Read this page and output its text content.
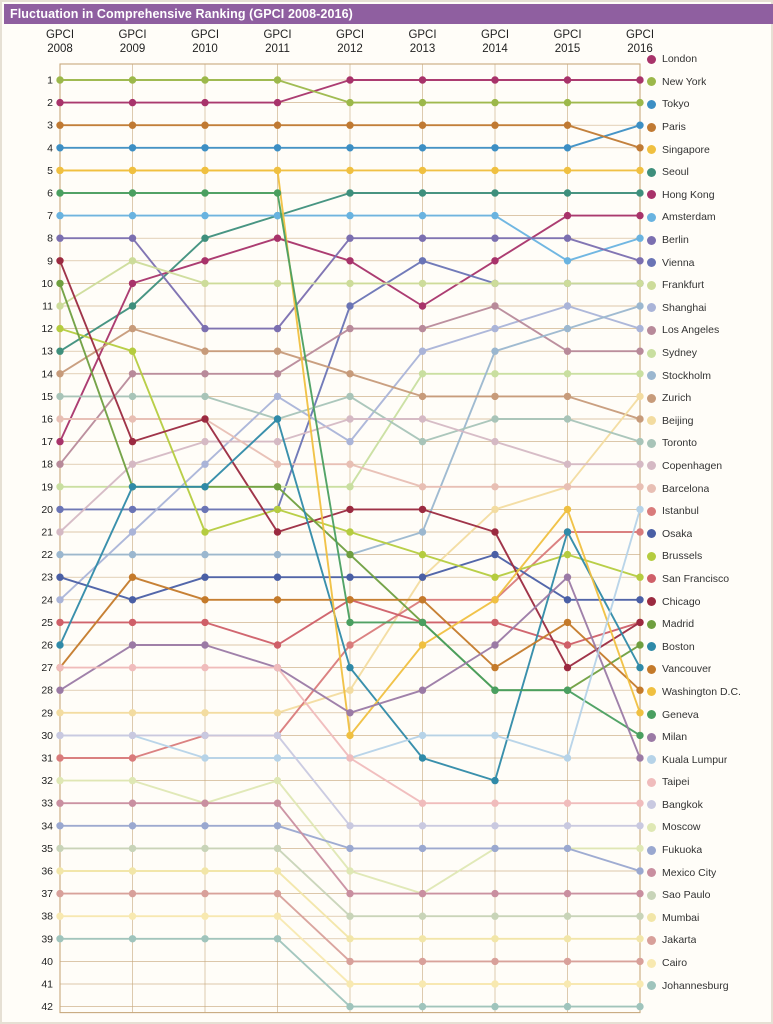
Fluctuation in Comprehensive Ranking (GPCI 2008-2016)
1
2
3
4
5
6
7
8
9
10
11
12
13
14
15
16
17
18
19
20
21
22
23
24
25
26
27
28
29
30
31
32
33
34
35
36
37
38
39
40
41
42
GPCI
2008
GPCI
2009
GPCI
2010
GPCI
2011
GPCI
2012
GPCI
2013
GPCI
2014
GPCI
2015
GPCI
2016
London
New York
Tokyo
Paris
Singapore
Seoul
Hong Kong
Amsterdam
Berlin
Vienna
Frankfurt
Shanghai
Los Angeles
Sydney
Stockholm
Zurich
Beijing
Toronto
Copenhagen
Barcelona
Istanbul
Osaka
Brussels
San Francisco
Chicago
Madrid
Boston
Vancouver
Washington D.C.
Geneva
Milan
Kuala Lumpur
Taipei
Bangkok
Moscow
Fukuoka
Mexico City
Sao Paulo
Mumbai
Jakarta
Cairo
Johannesburg
